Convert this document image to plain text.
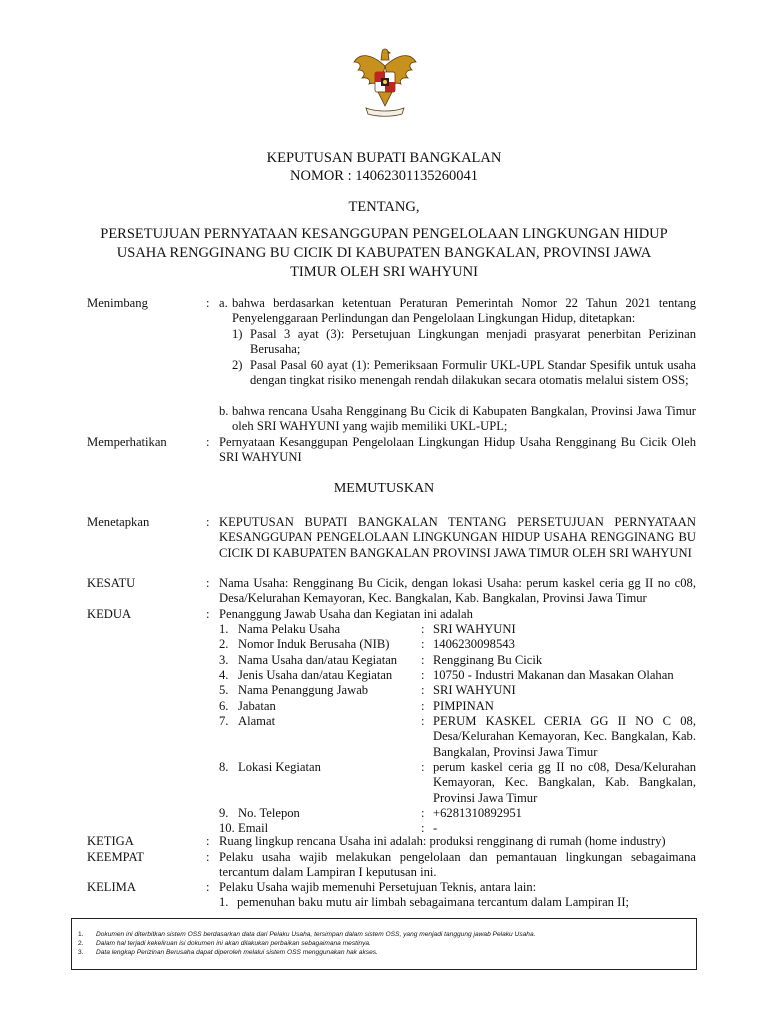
KEPUTUSAN BUPATI BANGKALAN
NOMOR : 14062301135260041
TENTANG,
PERSETUJUAN PERNYATAAN KESANGGUPAN PENGELOLAAN LINGKUNGAN HIDUP
USAHA RENGGINANG BU CICIK DI KABUPATEN BANGKALAN, PROVINSI JAWA
TIMUR OLEH SRI WAHYUNI
Menimbang	: a. bahwa berdasarkan ketentuan Peraturan Pemerintah Nomor 22 Tahun 2021 tentang Penyelenggaraan Perlindungan dan Pengelolaan Lingkungan Hidup, ditetapkan:
1) Pasal 3 ayat (3): Persetujuan Lingkungan menjadi prasyarat penerbitan Perizinan Berusaha;
2) Pasal Pasal 60 ayat (1): Pemeriksaan Formulir UKL-UPL Standar Spesifik untuk usaha dengan tingkat risiko menengah rendah dilakukan secara otomatis melalui sistem OSS;
b. bahwa rencana Usaha Rengginang Bu Cicik di Kabupaten Bangkalan, Provinsi Jawa Timur oleh SRI WAHYUNI yang wajib memiliki UKL-UPL;
Memperhatikan	: Pernyataan Kesanggupan Pengelolaan Lingkungan Hidup Usaha Rengginang Bu Cicik Oleh SRI WAHYUNI
MEMUTUSKAN
Menetapkan	: KEPUTUSAN BUPATI BANGKALAN TENTANG PERSETUJUAN PERNYATAAN KESANGGUPAN PENGELOLAAN LINGKUNGAN HIDUP USAHA RENGGINANG BU CICIK DI KABUPATEN BANGKALAN PROVINSI JAWA TIMUR OLEH SRI WAHYUNI
KESATU	: Nama Usaha: Rengginang Bu Cicik, dengan lokasi Usaha: perum kaskel ceria gg II no c08, Desa/Kelurahan Kemayoran, Kec. Bangkalan, Kab. Bangkalan, Provinsi Jawa Timur
KEDUA	: Penanggung Jawab Usaha dan Kegiatan ini adalah
1. Nama Pelaku Usaha	: SRI WAHYUNI
2. Nomor Induk Berusaha (NIB)	: 1406230098543
3. Nama Usaha dan/atau Kegiatan : Rengginang Bu Cicik
4. Jenis Usaha dan/atau Kegiatan : 10750 - Industri Makanan dan Masakan Olahan
5. Nama Penanggung Jawab	: SRI WAHYUNI
6. Jabatan	: PIMPINAN
7. Alamat	: PERUM KASKEL CERIA GG II NO C 08, Desa/Kelurahan Kemayoran, Kec. Bangkalan, Kab. Bangkalan, Provinsi Jawa Timur
8. Lokasi Kegiatan	: perum kaskel ceria gg II no c08, Desa/Kelurahan Kemayoran, Kec. Bangkalan, Kab. Bangkalan, Provinsi Jawa Timur
9. No. Telepon	: +6281310892951
10. Email	: -
KETIGA	: Ruang lingkup rencana Usaha ini adalah: produksi rengginang di rumah (home industry)
KEEMPAT	: Pelaku usaha wajib melakukan pengelolaan dan pemantauan lingkungan sebagaimana tercantum dalam Lampiran I keputusan ini.
KELIMA	: Pelaku Usaha wajib memenuhi Persetujuan Teknis, antara lain:
1. pemenuhan baku mutu air limbah sebagaimana tercantum dalam Lampiran II;
1. Dokumen ini diterbitkan sistem OSS berdasarkan data dari Pelaku Usaha, tersimpan dalam sistem OSS, yang menjadi tanggung jawab Pelaku Usaha.
2. Dalam hal terjadi kekeliruan isi dokumen ini akan dilakukan perbaikan sebagaimana mestinya.
3. Data lengkap Perizinan Berusaha dapat diperoleh melalui sistem OSS menggunakan hak akses.
